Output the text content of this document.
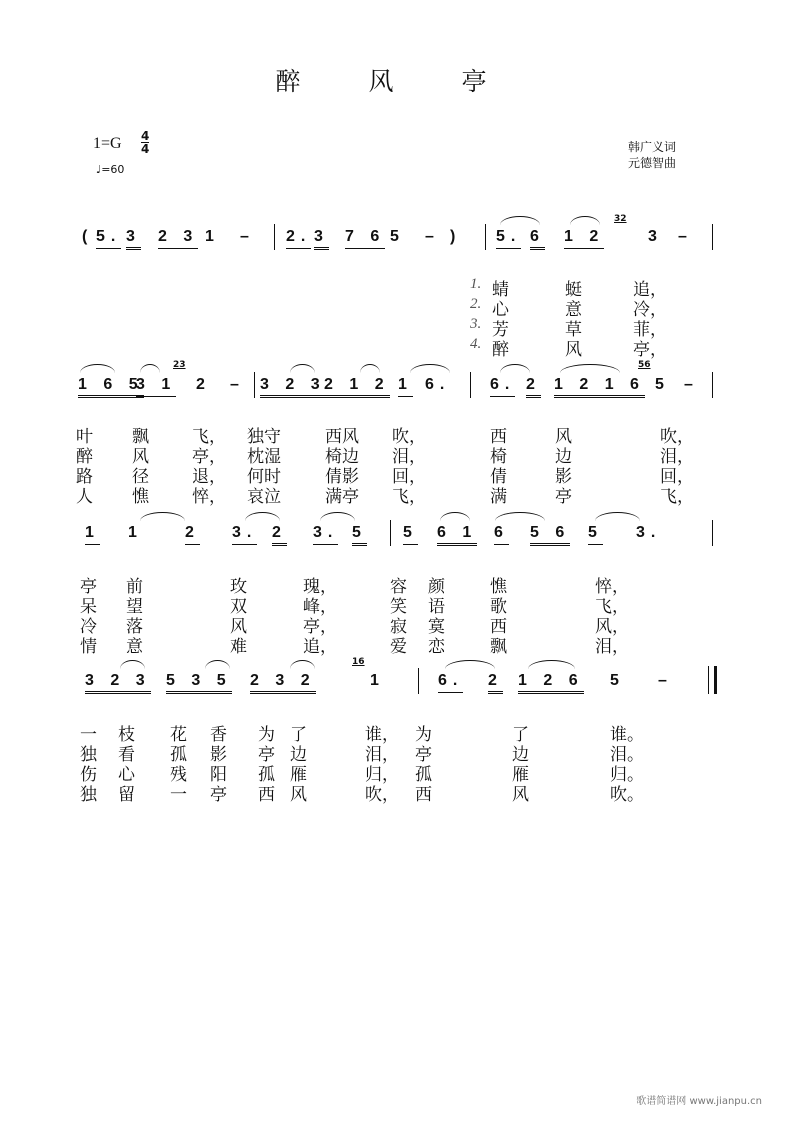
醉 风 亭
1=G 4
4
♩=60
韩广义词
元德智曲
歌谱简谱网 www.jianpu.cn
( 5. 3 2 3 1 – 2. 3 7 6 5 – ) 5. 6 1 2	3 –
32
1. 蜻	蜓	追，
2. 心	意	冷，
3. 芳	草	菲，
4. 醉	风	亭，
1 6 5
3 1 2 – 3 2 3
2 1 2 1 6. 6. 2 1 2 1 6 5 –
23	56
叶 飘	飞， 独守	西风 吹，	西	风	吹，
醉 风	亭， 枕湿	椅边 泪，	椅	边	泪，
路 径	退， 何时	倩影 回，	倩	影	回，
人 憔	悴， 哀泣	满亭 飞，	满	亭	飞，
1 1	2 3. 2 3. 5 5 6 1 6 5 6 5 3.
亭 前	玫	瑰，	容 颜	憔	悴，
呆 望	双	峰，	笑 语	歌	飞，
冷 落	风	亭，	寂 寞	西	风，
情 意	难	追，	爱 恋	飘	泪，
3 2 3 5 3 5 2 3 2	1	6. 2 1 2 6 5 –
16
一 枝 花 香 为 了	谁， 为	了	谁。
独 看 孤 影 亭 边	泪， 亭	边	泪。
伤 心 残 阳 孤 雁	归， 孤	雁	归。
独 留 一 亭 西 风	吹， 西	风	吹。
